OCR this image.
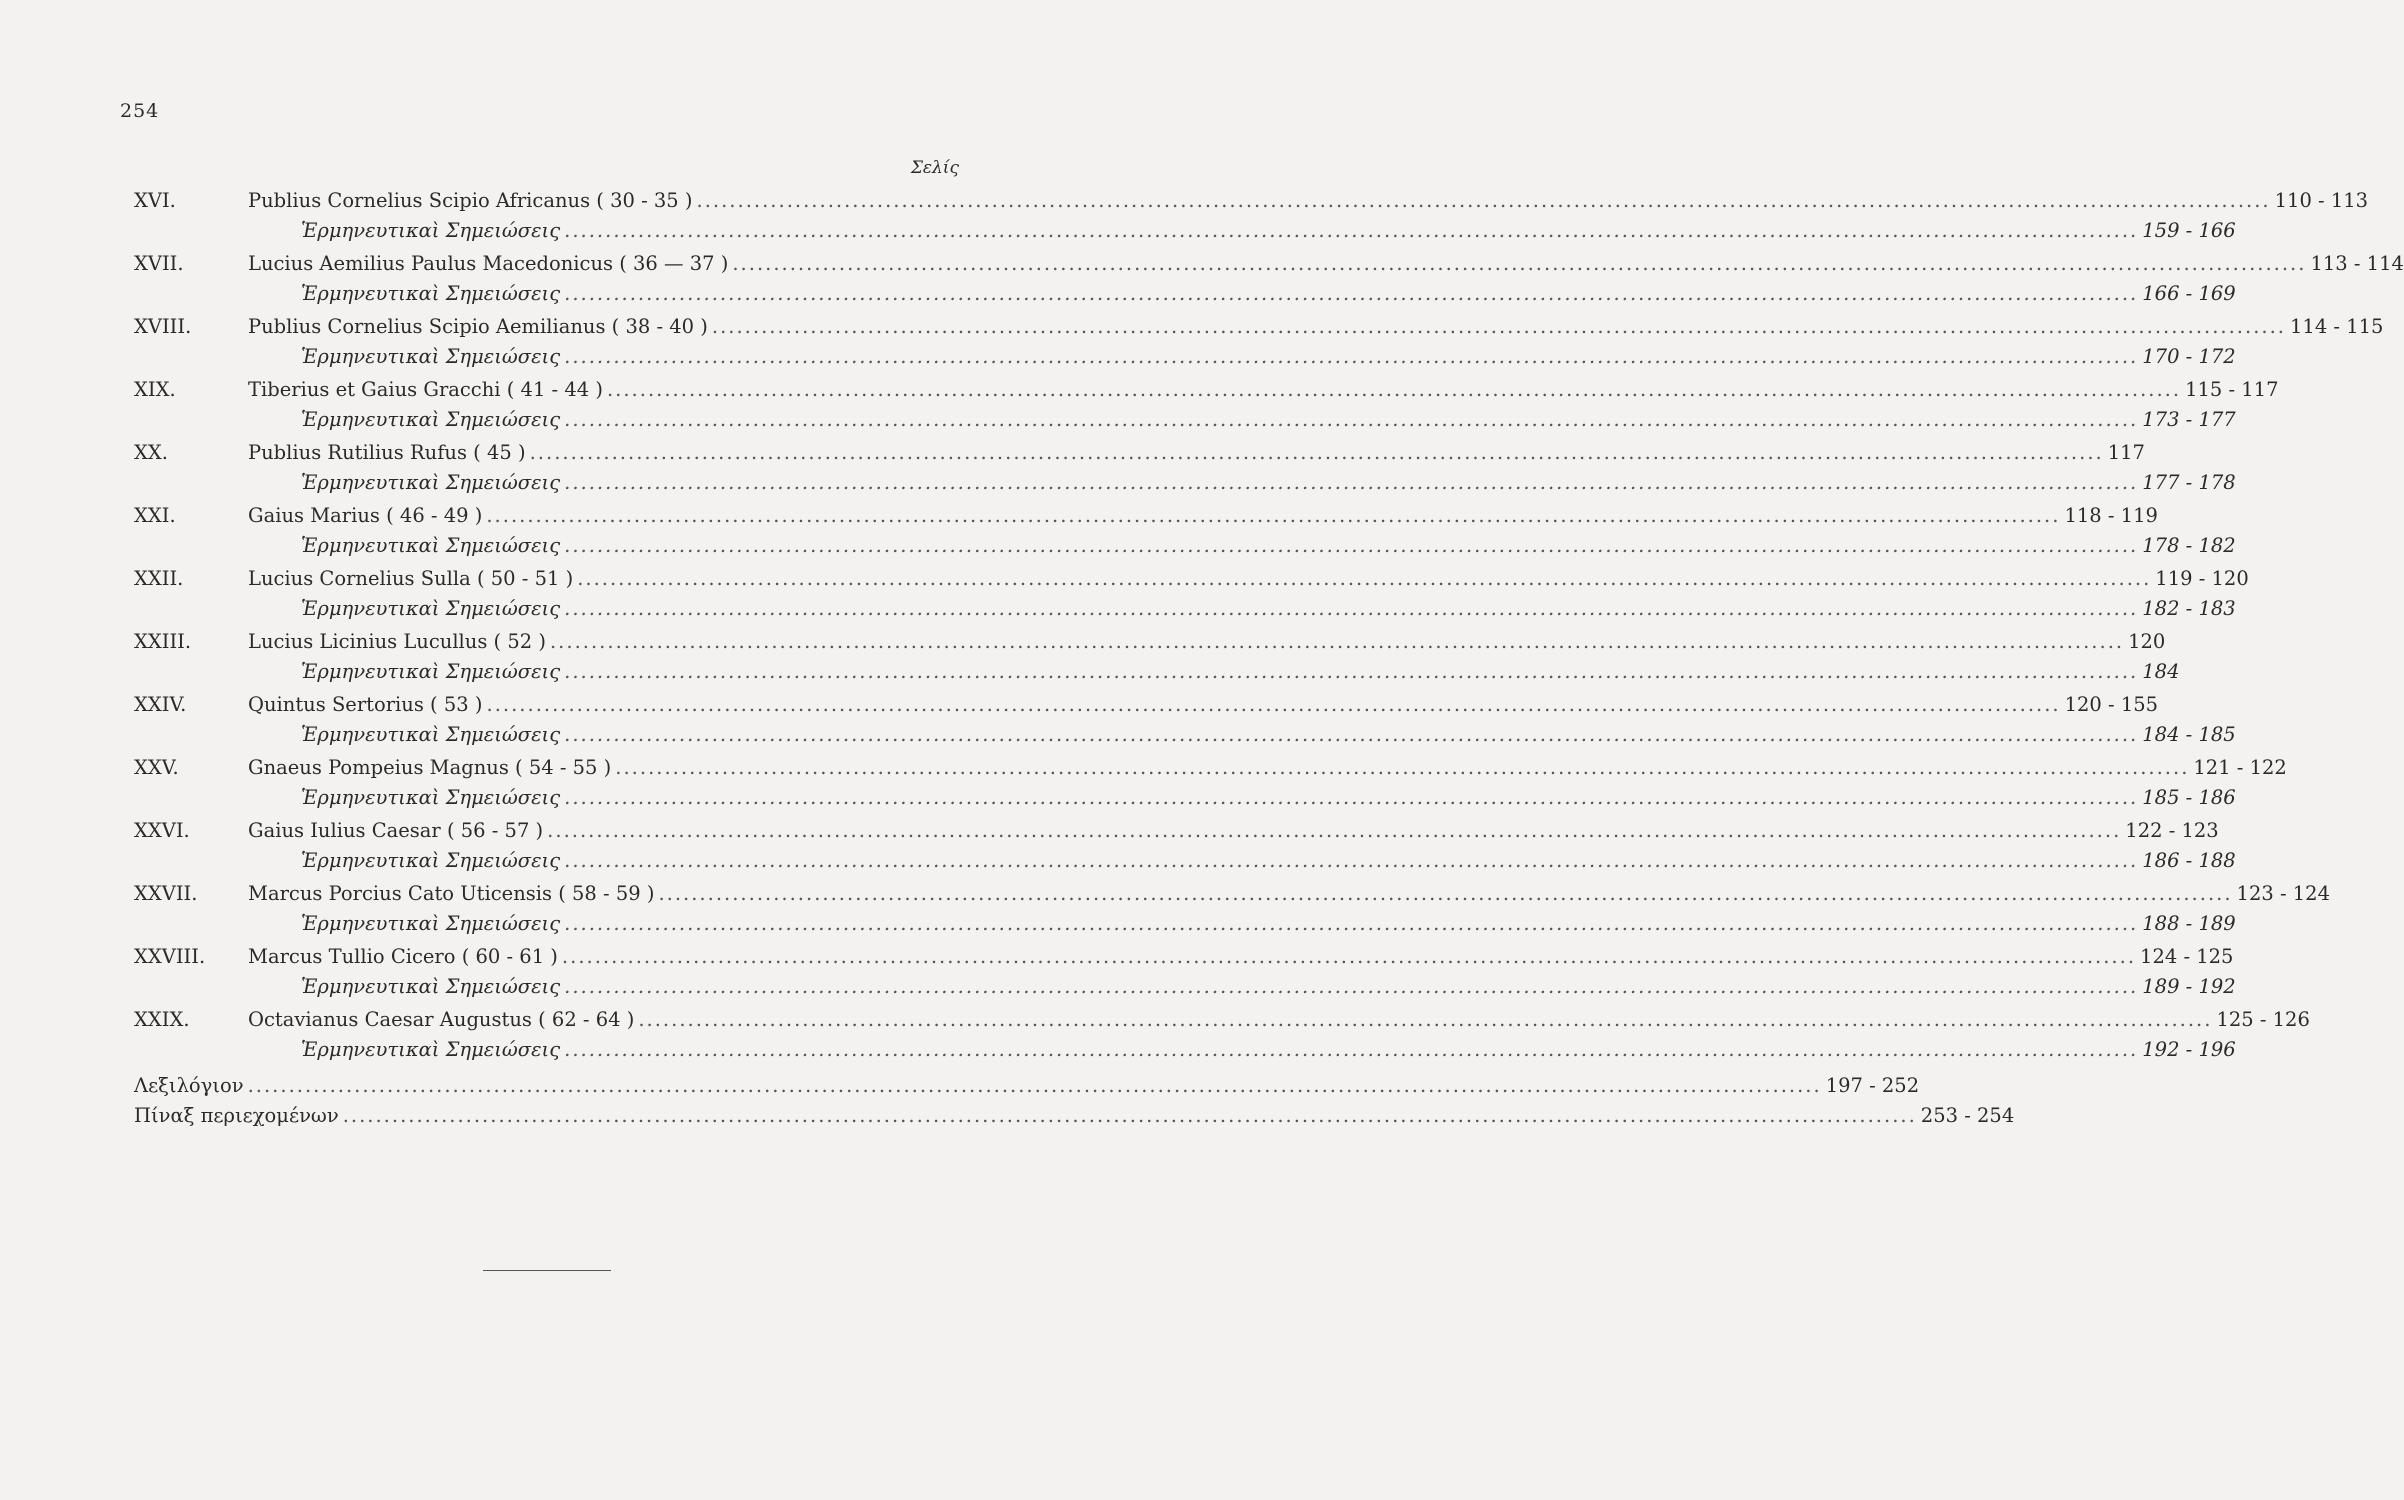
254
Σελίς
XVI.	Publius Cornelius Scipio Africanus ( 30 - 35 ) .....	110 - 113
Ἑρμηνευτικαὶ Σημειώσεις .....	159 - 166
XVII.	Lucius Aemilius Paulus Macedonicus ( 36 — 37 ) .....	113 - 114
Ἑρμηνευτικαὶ Σημειώσεις .....	166 - 169
XVIII.	Publius Cornelius Scipio Aemilianus ( 38 - 40 ) .....	114 - 115
Ἑρμηνευτικαὶ Σημειώσεις .....	170 - 172
XIX.	Tiberius et Gaius Gracchi ( 41 - 44 ) .....	115 - 117
Ἑρμηνευτικαὶ Σημειώσεις .....	173 - 177
XX.	Publius Rutilius Rufus ( 45 ) .....	117
Ἑρμηνευτικαὶ Σημειώσεις .....	177 - 178
XXI.	Gaius Marius ( 46 - 49 ) .....	118 - 119
Ἑρμηνευτικαὶ Σημειώσεις .....	178 - 182
XXII.	Lucius Cornelius Sulla ( 50 - 51 ) .....	119 - 120
Ἑρμηνευτικαὶ Σημειώσεις .....	182 - 183
XXIII.	Lucius Licinius Lucullus ( 52 ) .....	120
Ἑρμηνευτικαὶ Σημειώσεις .....	184
XXIV.	Quintus Sertorius ( 53 ) .....	120 - 155
Ἑρμηνευτικαὶ Σημειώσεις .....	184 - 185
XXV.	Gnaeus Pompeius Magnus ( 54 - 55 ) .....	121 - 122
Ἑρμηνευτικαὶ Σημειώσεις .....	185 - 186
XXVI.	Gaius Iulius Caesar ( 56 - 57 ) .....	122 - 123
Ἑρμηνευτικαὶ Σημειώσεις .....	186 - 188
XXVII.	Marcus Porcius Cato Uticensis ( 58 - 59 ) .....	123 - 124
Ἑρμηνευτικαὶ Σημειώσεις .....	188 - 189
XXVIII.	Marcus Tullio Cicero ( 60 - 61 ) .....	124 - 125
Ἑρμηνευτικαὶ Σημειώσεις .....	189 - 192
XXIX.	Octavianus Caesar Augustus ( 62 - 64 ) .....	125 - 126
Ἑρμηνευτικαὶ Σημειώσεις .....	192 - 196
Λεξιλόγιον .....	197 - 252
Πίναξ περιεχομένων .....	253 - 254
